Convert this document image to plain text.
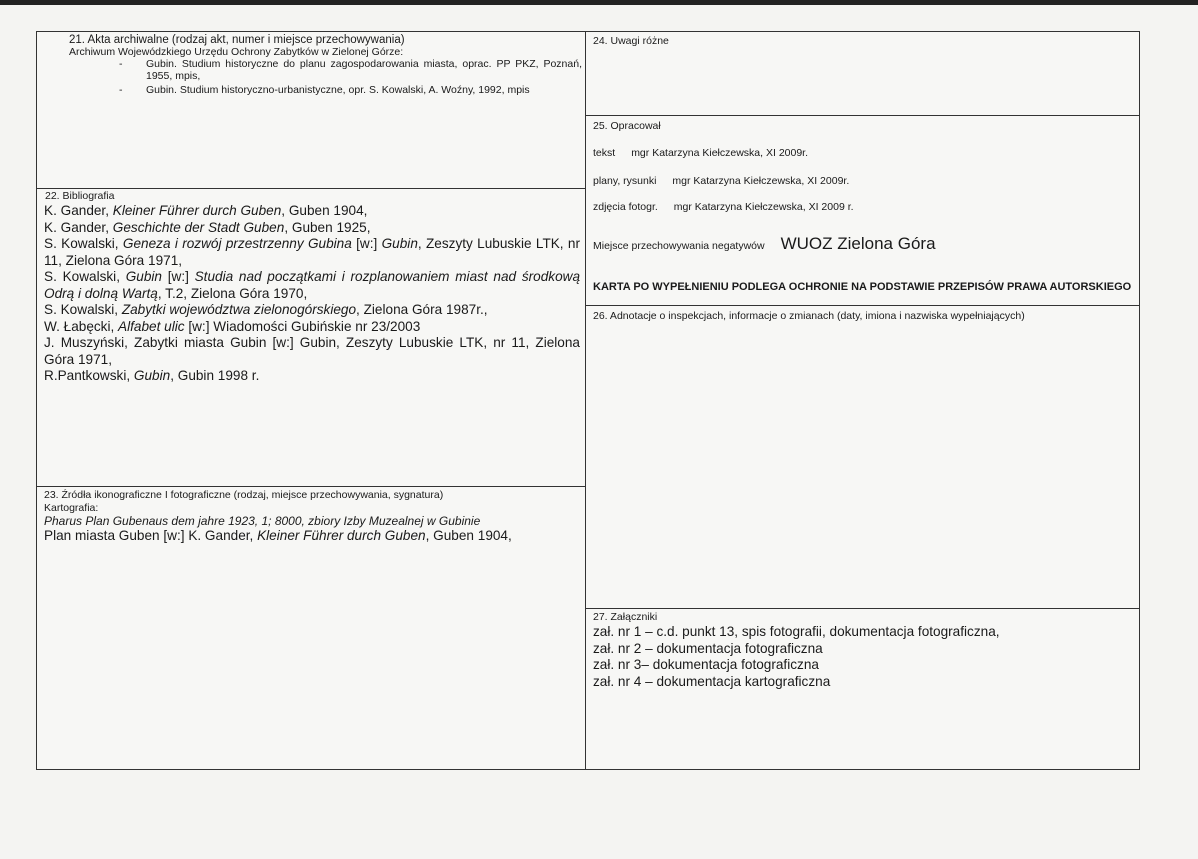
21. Akta archiwalne (rodzaj akt, numer i miejsce przechowywania)
Archiwum Wojewódzkiego Urzędu Ochrony Zabytków w Zielonej Górze:
- Gubin. Studium historyczne do planu zagospodarowania miasta, oprac. PP PKZ, Poznań, 1955, mpis,
- Gubin. Studium historyczno-urbanistyczne, opr. S. Kowalski, A. Woźny, 1992, mpis
22. Bibliografia
K. Gander, Kleiner Führer durch Guben, Guben 1904,
K. Gander, Geschichte der Stadt Guben, Guben 1925,
S. Kowalski, Geneza i rozwój przestrzenny Gubina [w:] Gubin, Zeszyty Lubuskie LTK, nr 11, Zielona Góra 1971,
S. Kowalski, Gubin [w:] Studia nad początkami i rozplanowaniem miast nad środkową Odrą i dolną Wartą, T.2, Zielona Góra 1970,
S. Kowalski, Zabytki województwa zielonogórskiego, Zielona Góra 1987r.,
W. Łabęcki, Alfabet ulic [w:] Wiadomości Gubińskie nr 23/2003
J. Muszyński, Zabytki miasta Gubin [w:] Gubin, Zeszyty Lubuskie LTK, nr 11, Zielona Góra 1971,
R.Pantkowski, Gubin, Gubin 1998 r.
23. Źródła ikonograficzne I fotograficzne (rodzaj, miejsce przechowywania, sygnatura)
Kartografia:
Pharus Plan Gubenaus dem jahre 1923, 1; 8000, zbiory Izby Muzealnej w Gubinie
Plan miasta Guben [w:] K. Gander, Kleiner Führer durch Guben, Guben 1904,
24. Uwagi różne
25. Opracował
tekst mgr Katarzyna Kiełczewska, XI 2009r.
plany, rysunki mgr Katarzyna Kiełczewska, XI 2009r.
zdjęcia fotogr. mgr Katarzyna Kiełczewska, XI 2009 r.
Miejsce przechowywania negatywów WUOZ Zielona Góra
KARTA PO WYPEŁNIENIU PODLEGA OCHRONIE NA PODSTAWIE PRZEPISÓW PRAWA AUTORSKIEGO
26. Adnotacje o inspekcjach, informacje o zmianach (daty, imiona i nazwiska wypełniających)
27. Załączniki
zał. nr 1 – c.d. punkt 13, spis fotografii, dokumentacja fotograficzna,
zał. nr 2 – dokumentacja fotograficzna
zał. nr 3– dokumentacja fotograficzna
zał. nr 4 – dokumentacja kartograficzna
